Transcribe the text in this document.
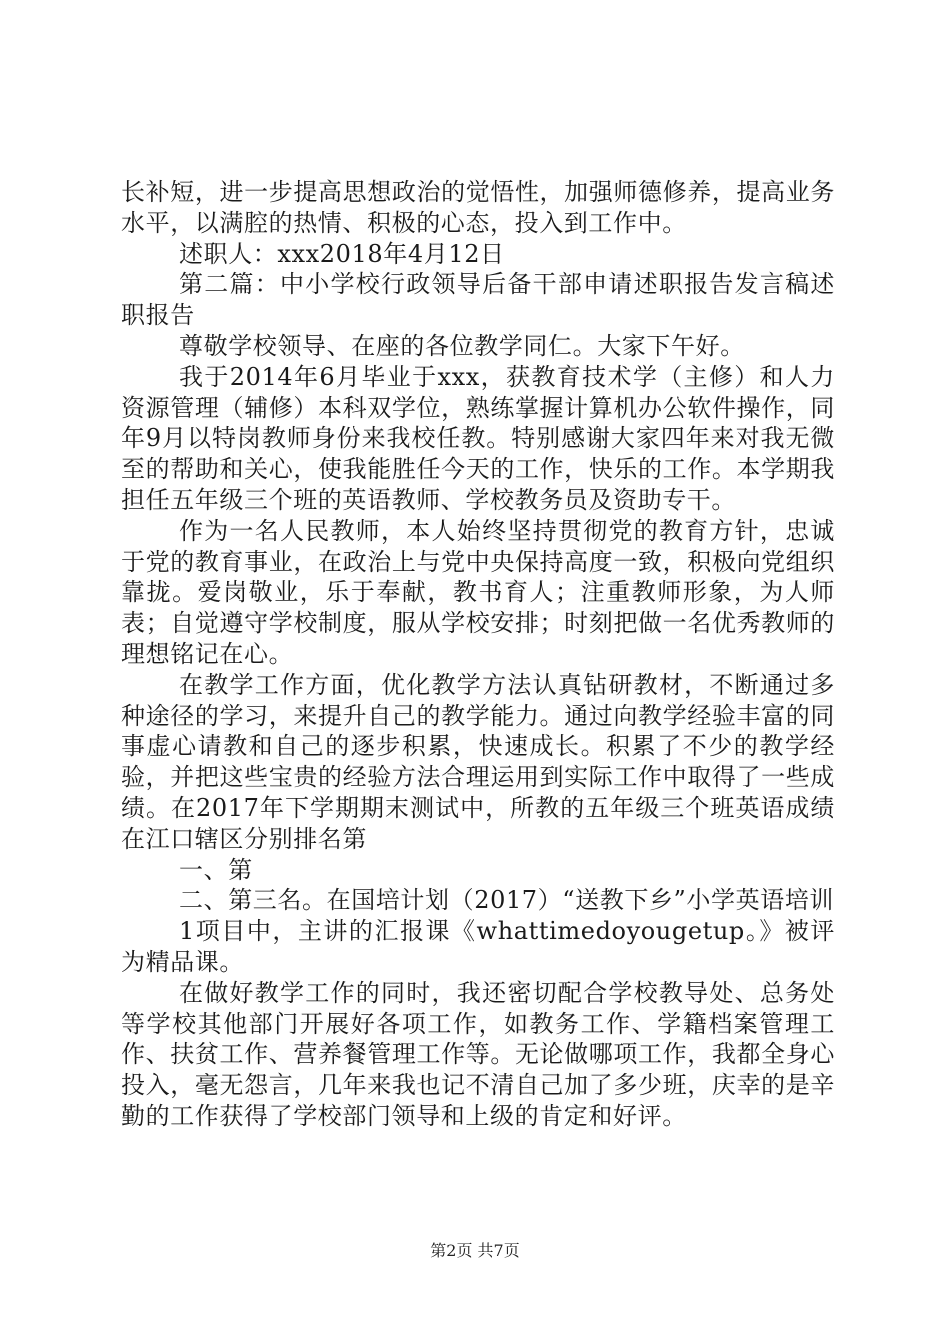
长补短，进一步提高思想政治的觉悟性，加强师德修养，提高业务水平，以满腔的热情、积极的心态，投入到工作中。

述职人：xxx2018年4月12日

第二篇：中小学校行政领导后备干部申请述职报告发言稿述职报告

尊敬学校领导、在座的各位教学同仁。大家下午好。

我于2014年6月毕业于xxx，获教育技术学（主修）和人力资源管理（辅修）本科双学位，熟练掌握计算机办公软件操作，同年9月以特岗教师身份来我校任教。特别感谢大家四年来对我无微至的帮助和关心，使我能胜任今天的工作，快乐的工作。本学期我担任五年级三个班的英语教师、学校教务员及资助专干。

作为一名人民教师，本人始终坚持贯彻党的教育方针，忠诚于党的教育事业，在政治上与党中央保持高度一致，积极向党组织靠拢。爱岗敬业，乐于奉献，教书育人；注重教师形象，为人师表；自觉遵守学校制度，服从学校安排；时刻把做一名优秀教师的理想铭记在心。

在教学工作方面，优化教学方法认真钻研教材，不断通过多种途径的学习，来提升自己的教学能力。通过向教学经验丰富的同事虚心请教和自己的逐步积累，快速成长。积累了不少的教学经验，并把这些宝贵的经验方法合理运用到实际工作中取得了一些成绩。在2017年下学期期末测试中，所教的五年级三个班英语成绩在江口辖区分别排名第

一、第

二、第三名。在国培计划（2017）“送教下乡”小学英语培训

1项目中，主讲的汇报课《whattimedoyougetup。》被评为精品课。

在做好教学工作的同时，我还密切配合学校教导处、总务处等学校其他部门开展好各项工作，如教务工作、学籍档案管理工作、扶贫工作、营养餐管理工作等。无论做哪项工作，我都全身心投入，毫无怨言，几年来我也记不清自己加了多少班，庆幸的是辛勤的工作获得了学校部门领导和上级的肯定和好评。

第2页 共7页
